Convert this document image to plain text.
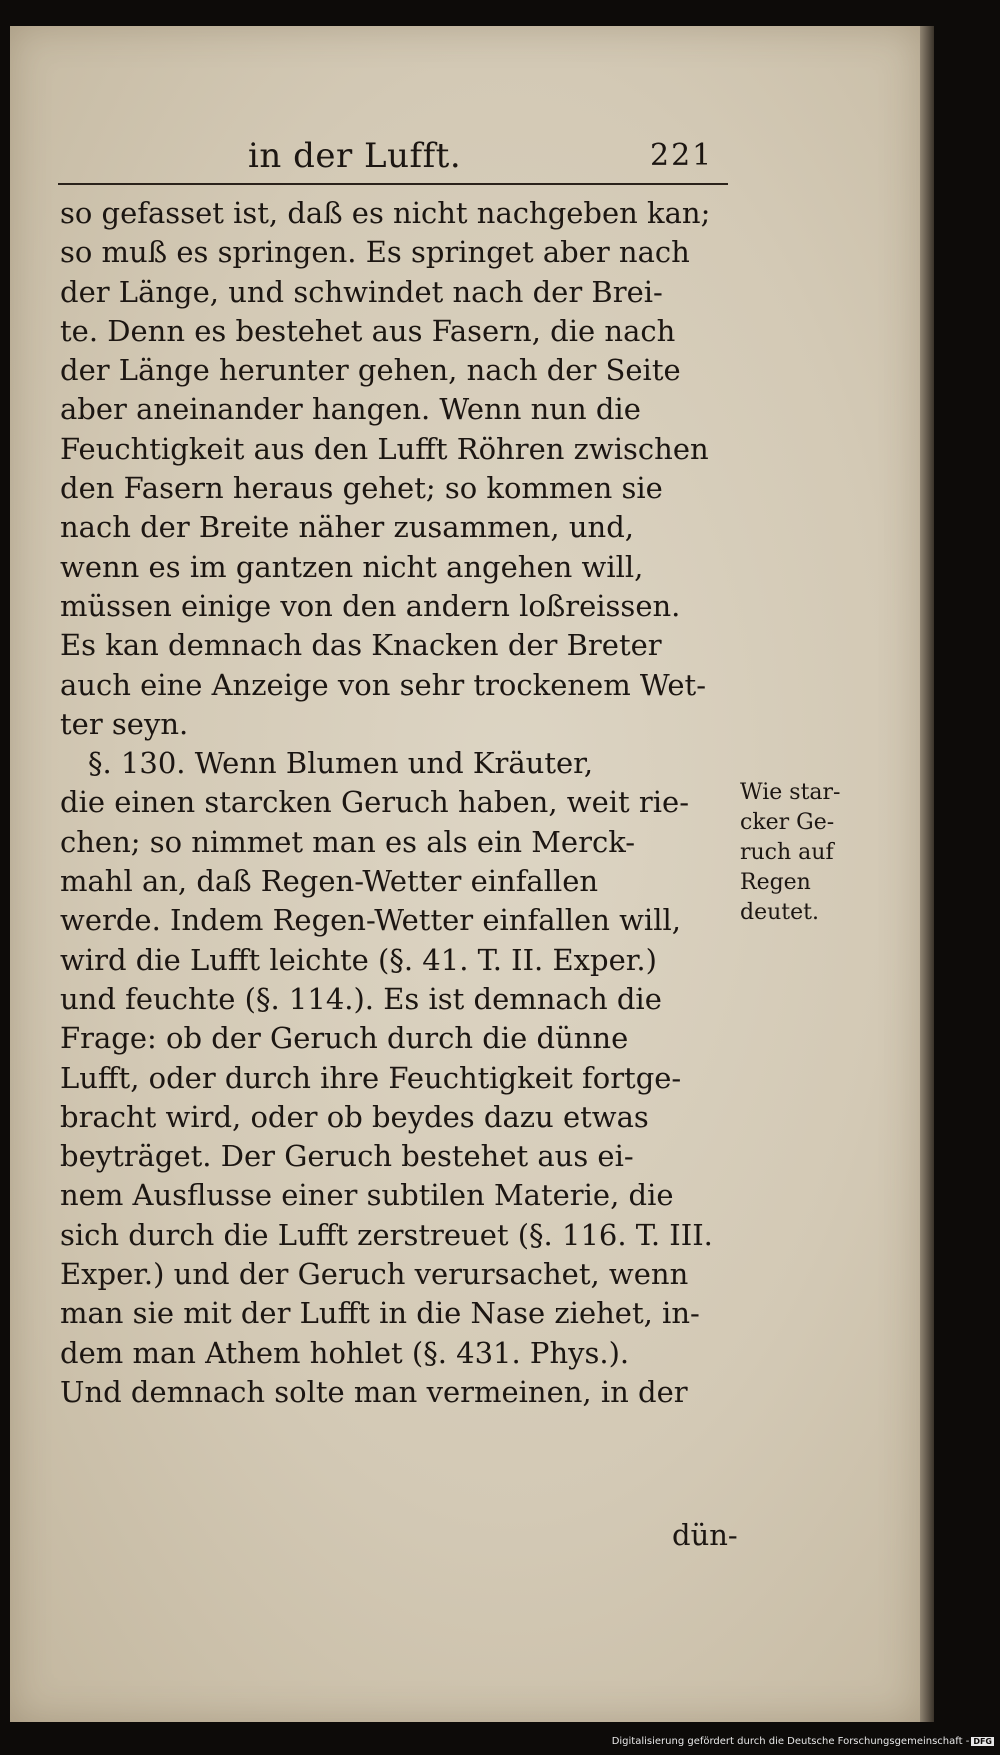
in der Lufft.	221
so gefasset ist, daß es nicht nachgeben kan;
so muß es springen. Es springet aber nach
der Länge, und schwindet nach der Brei-
te. Denn es bestehet aus Fasern, die nach
der Länge herunter gehen, nach der Seite
aber aneinander hangen. Wenn nun die
Feuchtigkeit aus den Lufft Röhren zwischen
den Fasern heraus gehet; so kommen sie
nach der Breite näher zusammen, und,
wenn es im gantzen nicht angehen will,
müssen einige von den andern loßreissen.
Es kan demnach das Knacken der Breter
auch eine Anzeige von sehr trockenem Wet-
ter seyn.
§. 130. Wenn Blumen und Kräuter,
die einen starcken Geruch haben, weit rie-
chen; so nimmet man es als ein Merck-
mahl an, daß Regen-Wetter einfallen
werde. Indem Regen-Wetter einfallen will,
wird die Lufft leichte (§. 41. T. II. Exper.)
und feuchte (§. 114.). Es ist demnach die
Frage: ob der Geruch durch die dünne
Lufft, oder durch ihre Feuchtigkeit fortge-
bracht wird, oder ob beydes dazu etwas
beyträget. Der Geruch bestehet aus ei-
nem Ausflusse einer subtilen Materie, die
sich durch die Lufft zerstreuet (§. 116. T. III.
Exper.) und der Geruch verursachet, wenn
man sie mit der Lufft in die Nase ziehet, in-
dem man Athem hohlet (§. 431. Phys.).
Und demnach solte man vermeinen, in der
Wie star-
cker Ge-
ruch auf
Regen
deutet.
dün-
Digitalisierung gefördert durch die Deutsche Forschungsgemeinschaft - DFG
